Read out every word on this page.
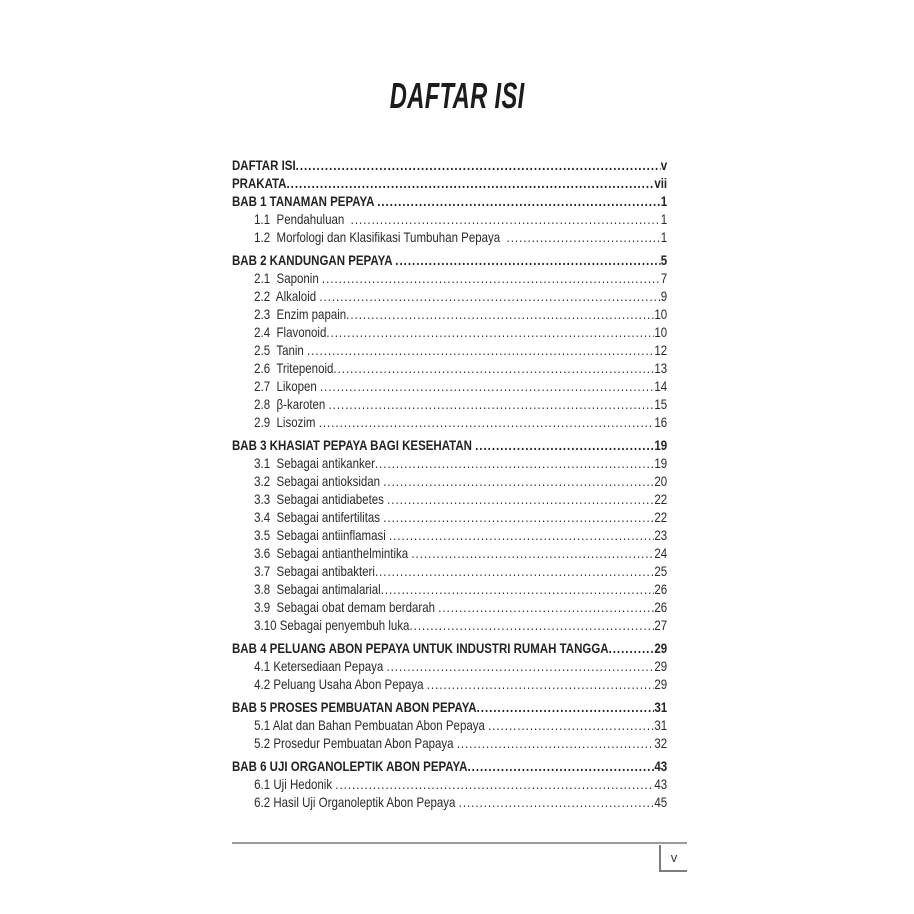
DAFTAR ISI
DAFTAR ISI .....	v
PRAKATA .....	vii
BAB 1 TANAMAN PEPAYA .....	1
1.1  Pendahuluan .....	1
1.2  Morfologi dan Klasifikasi Tumbuhan Pepaya .....	1
BAB 2 KANDUNGAN PEPAYA .....	5
2.1  Saponin .....	7
2.2  Alkaloid .....	9
2.3  Enzim papain .....	10
2.4  Flavonoid .....	10
2.5  Tanin .....	12
2.6  Tritepenoid .....	13
2.7  Likopen .....	14
2.8  β-karoten .....	15
2.9  Lisozim .....	16
BAB 3 KHASIAT PEPAYA BAGI KESEHATAN .....	19
3.1  Sebagai antikanker .....	19
3.2  Sebagai antioksidan .....	20
3.3  Sebagai antidiabetes .....	22
3.4  Sebagai antifertilitas .....	22
3.5  Sebagai antiinflamasi .....	23
3.6  Sebagai antianthelmintika .....	24
3.7  Sebagai antibakteri .....	25
3.8  Sebagai antimalarial .....	26
3.9  Sebagai obat demam berdarah .....	26
3.10 Sebagai penyembuh luka .....	27
BAB 4 PELUANG ABON PEPAYA UNTUK INDUSTRI RUMAH TANGGA .....	29
4.1 Ketersediaan Pepaya .....	29
4.2 Peluang Usaha Abon Pepaya .....	29
BAB 5 PROSES PEMBUATAN ABON PEPAYA .....	31
5.1 Alat dan Bahan Pembuatan Abon Pepaya .....	31
5.2 Prosedur Pembuatan Abon Papaya .....	32
BAB 6 UJI ORGANOLEPTIK ABON PEPAYA .....	43
6.1 Uji Hedonik .....	43
6.2 Hasil Uji Organoleptik Abon Pepaya .....	45
v
